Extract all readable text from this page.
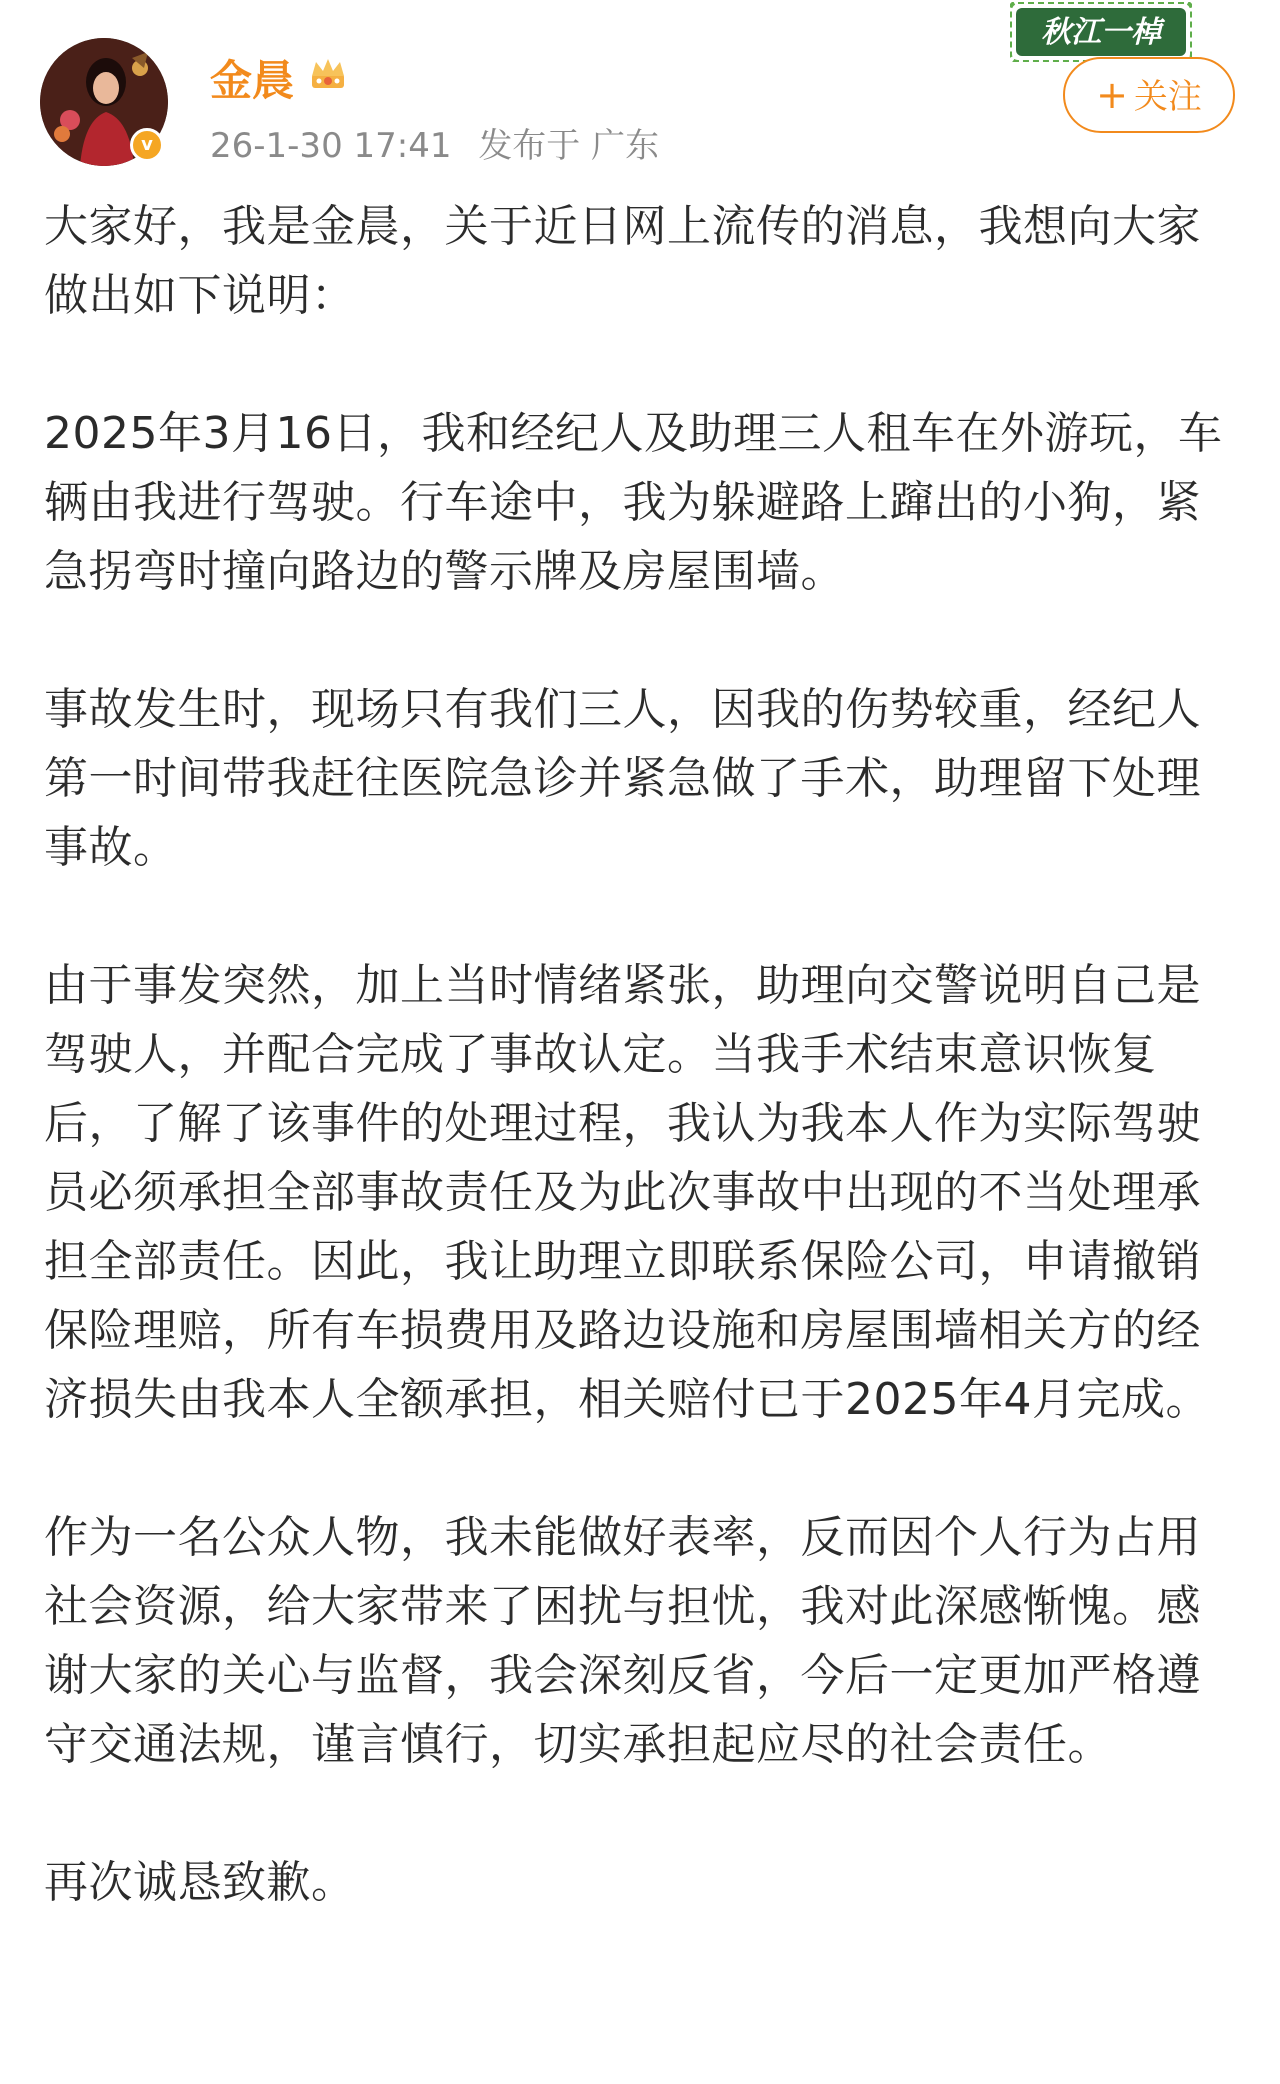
v
金晨
26-1-30 17:41 发布于 广东
秋江一棹
+ 关注

大家好，我是金晨，关于近日网上流传的消息，我想向大家做出如下说明：

2025年3月16日，我和经纪人及助理三人租车在外游玩，车辆由我进行驾驶。行车途中，我为躲避路上蹿出的小狗，紧急拐弯时撞向路边的警示牌及房屋围墙。

事故发生时，现场只有我们三人，因我的伤势较重，经纪人第一时间带我赶往医院急诊并紧急做了手术，助理留下处理事故。

由于事发突然，加上当时情绪紧张，助理向交警说明自己是驾驶人，并配合完成了事故认定。当我手术结束意识恢复后，了解了该事件的处理过程，我认为我本人作为实际驾驶员必须承担全部事故责任及为此次事故中出现的不当处理承担全部责任。因此，我让助理立即联系保险公司，申请撤销保险理赔，所有车损费用及路边设施和房屋围墙相关方的经济损失由我本人全额承担，相关赔付已于2025年4月完成。

作为一名公众人物，我未能做好表率，反而因个人行为占用社会资源，给大家带来了困扰与担忧，我对此深感惭愧。感谢大家的关心与监督，我会深刻反省，今后一定更加严格遵守交通法规，谨言慎行，切实承担起应尽的社会责任。

再次诚恳致歉。
